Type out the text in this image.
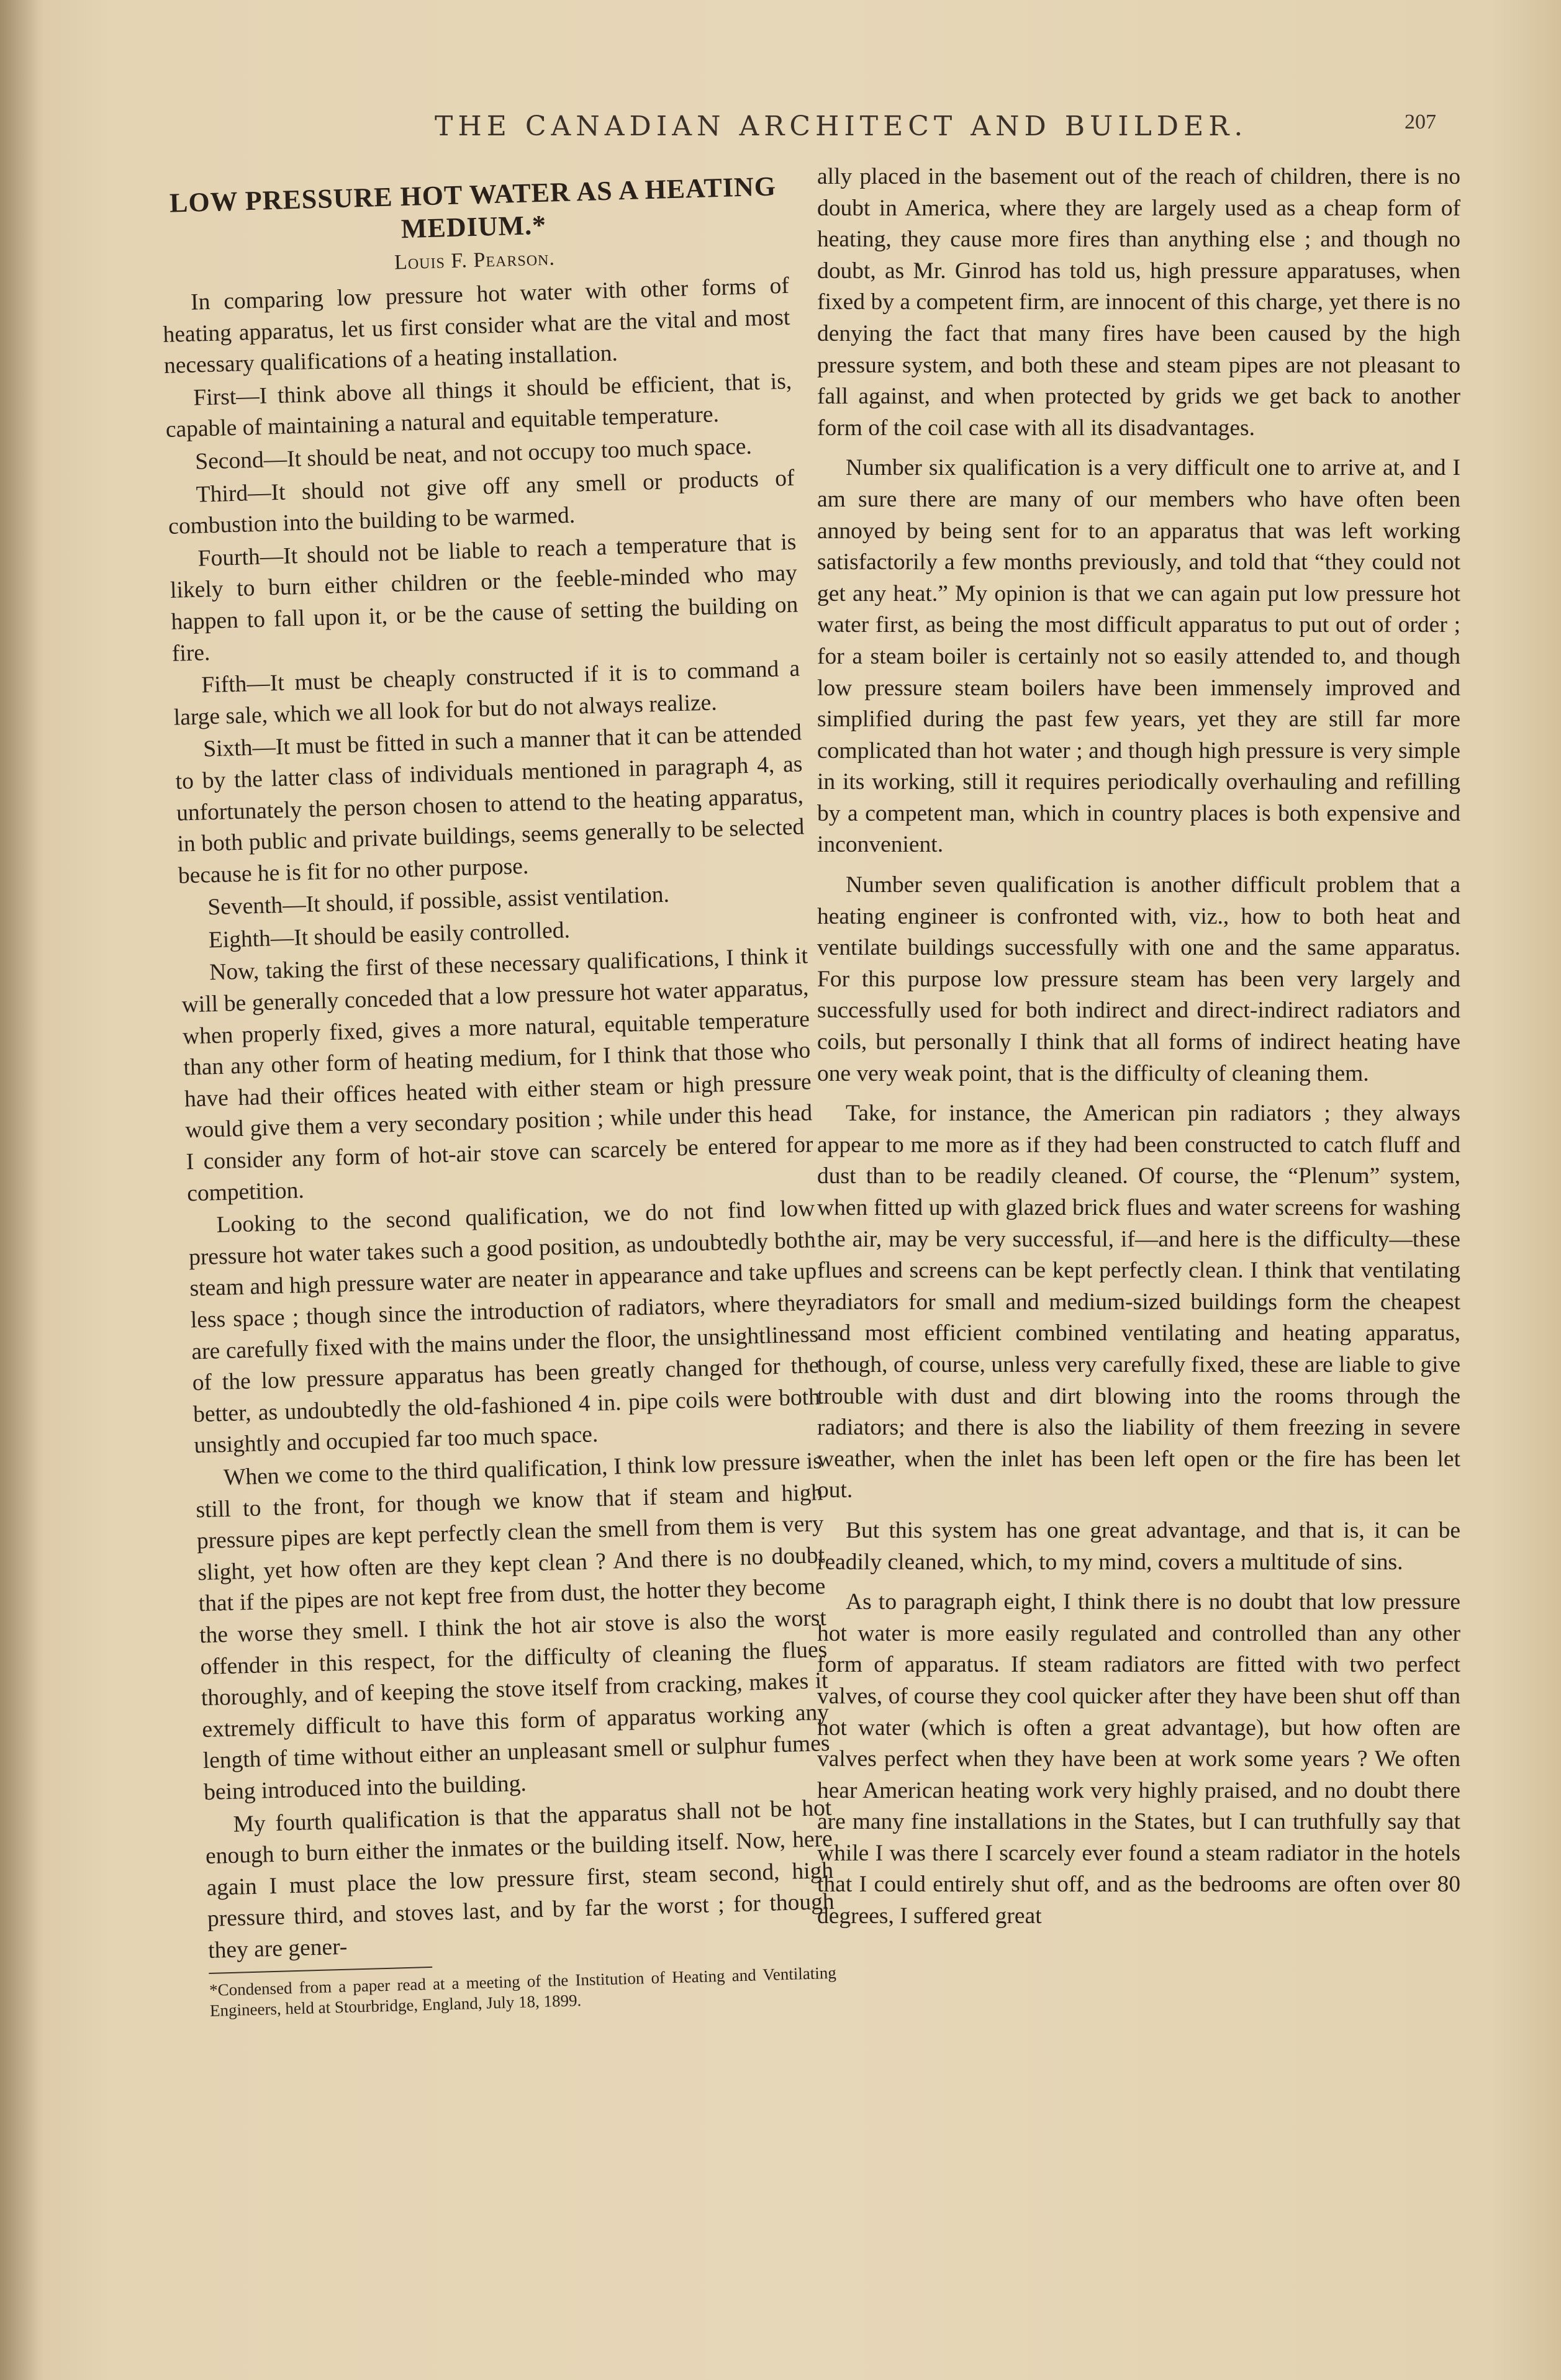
THE CANADIAN ARCHITECT AND BUILDER.	207
LOW PRESSURE HOT WATER AS A HEATING MEDIUM.*
Louis F. Pearson.

In comparing low pressure hot water with other forms of heating apparatus, let us first consider what are the vital and most necessary qualifications of a heating installation.

First—I think above all things it should be efficient, that is, capable of maintaining a natural and equitable temperature.

Second—It should be neat, and not occupy too much space.

Third—It should not give off any smell or products of combustion into the building to be warmed.

Fourth—It should not be liable to reach a temperature that is likely to burn either children or the feeble-minded who may happen to fall upon it, or be the cause of setting the building on fire.

Fifth—It must be cheaply constructed if it is to command a large sale, which we all look for but do not always realize.

Sixth—It must be fitted in such a manner that it can be attended to by the latter class of individuals mentioned in paragraph 4, as unfortunately the person chosen to attend to the heating apparatus, in both public and private buildings, seems generally to be selected because he is fit for no other purpose.

Seventh—It should, if possible, assist ventilation.

Eighth—It should be easily controlled.

Now, taking the first of these necessary qualifications, I think it will be generally conceded that a low pressure hot water apparatus, when properly fixed, gives a more natural, equitable temperature than any other form of heating medium, for I think that those who have had their offices heated with either steam or high pressure would give them a very secondary position ; while under this head I consider any form of hot-air stove can scarcely be entered for competition.

Looking to the second qualification, we do not find low pressure hot water takes such a good position, as undoubtedly both steam and high pressure water are neater in appearance and take up less space ; though since the introduction of radiators, where they are carefully fixed with the mains under the floor, the unsightliness of the low pressure apparatus has been greatly changed for the better, as undoubtedly the old-fashioned 4 in. pipe coils were both unsightly and occupied far too much space.

When we come to the third qualification, I think low pressure is still to the front, for though we know that if steam and high pressure pipes are kept perfectly clean the smell from them is very slight, yet how often are they kept clean ? And there is no doubt that if the pipes are not kept free from dust, the hotter they become the worse they smell. I think the hot air stove is also the worst offender in this respect, for the difficulty of cleaning the flues thoroughly, and of keeping the stove itself from cracking, makes it extremely difficult to have this form of apparatus working any length of time without either an unpleasant smell or sulphur fumes being introduced into the building.

My fourth qualification is that the apparatus shall not be hot enough to burn either the inmates or the building itself. Now, here again I must place the low pressure first, steam second, high pressure third, and stoves last, and by far the worst ; for though they are gener-

*Condensed from a paper read at a meeting of the Institution of Heating and Ventilating Engineers, held at Stourbridge, England, July 18, 1899.

ally placed in the basement out of the reach of children, there is no doubt in America, where they are largely used as a cheap form of heating, they cause more fires than anything else ; and though no doubt, as Mr. Ginrod has told us, high pressure apparatuses, when fixed by a competent firm, are innocent of this charge, yet there is no denying the fact that many fires have been caused by the high pressure system, and both these and steam pipes are not pleasant to fall against, and when protected by grids we get back to another form of the coil case with all its disadvantages.

Number six qualification is a very difficult one to arrive at, and I am sure there are many of our members who have often been annoyed by being sent for to an apparatus that was left working satisfactorily a few months previously, and told that “they could not get any heat.” My opinion is that we can again put low pressure hot water first, as being the most difficult apparatus to put out of order ; for a steam boiler is certainly not so easily attended to, and though low pressure steam boilers have been immensely improved and simplified during the past few years, yet they are still far more complicated than hot water ; and though high pressure is very simple in its working, still it requires periodically overhauling and refilling by a competent man, which in country places is both expensive and inconvenient.

Number seven qualification is another difficult problem that a heating engineer is confronted with, viz., how to both heat and ventilate buildings successfully with one and the same apparatus. For this purpose low pressure steam has been very largely and successfully used for both indirect and direct-indirect radiators and coils, but personally I think that all forms of indirect heating have one very weak point, that is the difficulty of cleaning them.

Take, for instance, the American pin radiators ; they always appear to me more as if they had been constructed to catch fluff and dust than to be readily cleaned. Of course, the “Plenum” system, when fitted up with glazed brick flues and water screens for washing the air, may be very successful, if—and here is the difficulty—these flues and screens can be kept perfectly clean. I think that ventilating radiators for small and medium-sized buildings form the cheapest and most efficient combined ventilating and heating apparatus, though, of course, unless very carefully fixed, these are liable to give trouble with dust and dirt blowing into the rooms through the radiators; and there is also the liability of them freezing in severe weather, when the inlet has been left open or the fire has been let out.

But this system has one great advantage, and that is, it can be readily cleaned, which, to my mind, covers a multitude of sins.

As to paragraph eight, I think there is no doubt that low pressure hot water is more easily regulated and controlled than any other form of apparatus. If steam radiators are fitted with two perfect valves, of course they cool quicker after they have been shut off than hot water (which is often a great advantage), but how often are valves perfect when they have been at work some years ? We often hear American heating work very highly praised, and no doubt there are many fine installations in the States, but I can truthfully say that while I was there I scarcely ever found a steam radiator in the hotels that I could entirely shut off, and as the bedrooms are often over 80 degrees, I suffered great
